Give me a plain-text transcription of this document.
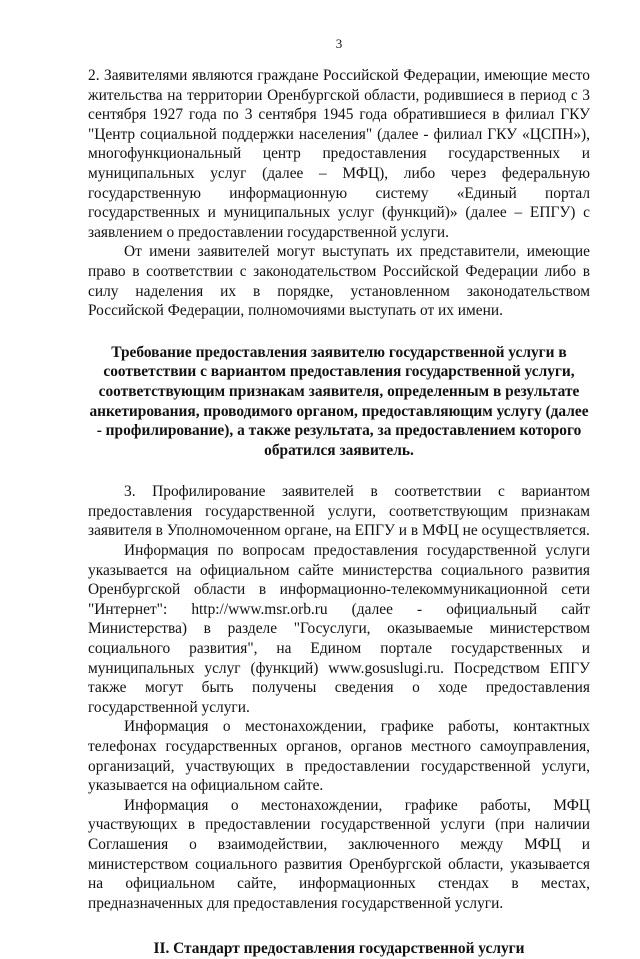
3

2. Заявителями являются граждане Российской Федерации, имеющие место жительства на территории Оренбургской области, родившиеся в период с 3 сентября 1927 года по 3 сентября 1945 года обратившиеся в филиал ГКУ "Центр социальной поддержки населения" (далее - филиал ГКУ «ЦСПН»), многофункциональный центр предоставления государственных и муниципальных услуг (далее – МФЦ), либо через федеральную государственную информационную систему «Единый портал государственных и муниципальных услуг (функций)» (далее – ЕПГУ) с заявлением о предоставлении государственной услуги.

От имени заявителей могут выступать их представители, имеющие право в соответствии с законодательством Российской Федерации либо в силу наделения их в порядке, установленном законодательством Российской Федерации, полномочиями выступать от их имени.

Требование предоставления заявителю государственной услуги в соответствии с вариантом предоставления государственной услуги, соответствующим признакам заявителя, определенным в результате анкетирования, проводимого органом, предоставляющим услугу (далее - профилирование), а также результата, за предоставлением которого обратился заявитель.

3. Профилирование заявителей в соответствии с вариантом предоставления государственной услуги, соответствующим признакам заявителя в Уполномоченном органе, на ЕПГУ и в МФЦ не осуществляется.

Информация по вопросам предоставления государственной услуги указывается на официальном сайте министерства социального развития Оренбургской области в информационно-телекоммуникационной сети "Интернет": http://www.msr.orb.ru (далее - официальный сайт Министерства) в разделе "Госуслуги, оказываемые министерством социального развития", на Едином портале государственных и муниципальных услуг (функций) www.gosuslugi.ru. Посредством ЕПГУ также могут быть получены сведения о ходе предоставления государственной услуги.

Информация о местонахождении, графике работы, контактных телефонах государственных органов, органов местного самоуправления, организаций, участвующих в предоставлении государственной услуги, указывается на официальном сайте.

Информация о местонахождении, графике работы, МФЦ участвующих в предоставлении государственной услуги (при наличии Соглашения о взаимодействии, заключенного между МФЦ и министерством социального развития Оренбургской области, указывается на официальном сайте, информационных стендах в местах, предназначенных для предоставления государственной услуги.

II. Стандарт предоставления государственной услуги
